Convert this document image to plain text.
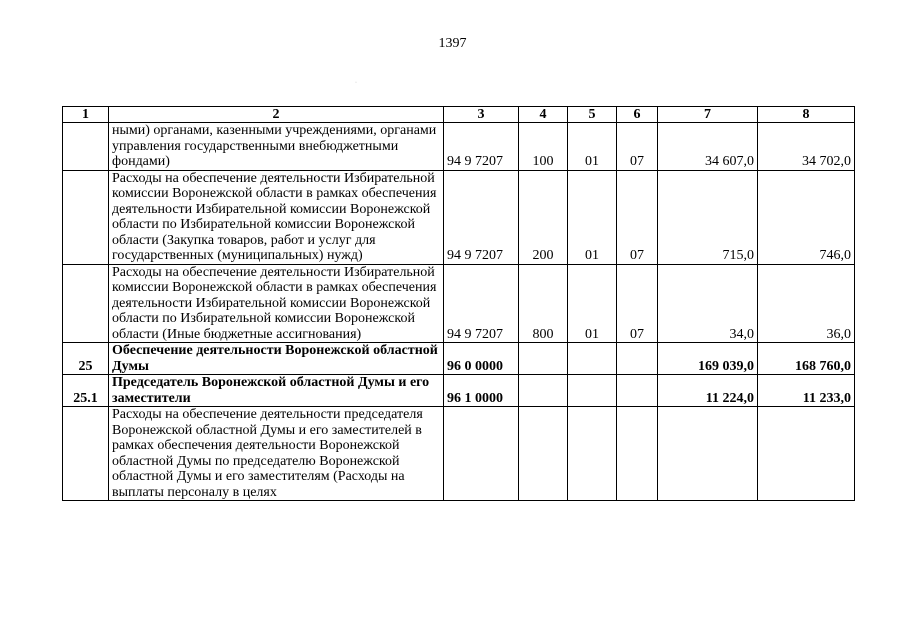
1397
·
1	2	3	4	5	6	7	8
	ными) органами, казенными учреждениями, органами управления государственными внебюджетными фондами)	94 9 7207	100	01	07	34 607,0	34 702,0
	Расходы на обеспечение деятельности Избирательной комиссии Воронежской области в рамках обеспечения деятельности Избирательной комиссии Воронежской области по Избирательной комиссии Воронежской области (Закупка товаров, работ и услуг для государственных (муниципальных) нужд)	94 9 7207	200	01	07	715,0	746,0
	Расходы на обеспечение деятельности Избирательной комиссии Воронежской области в рамках обеспечения деятельности Избирательной комиссии Воронежской области по Избирательной комиссии Воронежской области (Иные бюджетные ассигнования)	94 9 7207	800	01	07	34,0	36,0
25	Обеспечение деятельности Воронежской областной Думы	96 0 0000				169 039,0	168 760,0
25.1	Председатель Воронежской областной Думы и его заместители	96 1 0000				11 224,0	11 233,0
	Расходы на обеспечение деятельности председателя Воронежской областной Думы и его заместителей в рамках обеспечения деятельности Воронежской областной Думы по председателю Воронежской областной Думы и его заместителям (Расходы на выплаты персоналу в целях						
